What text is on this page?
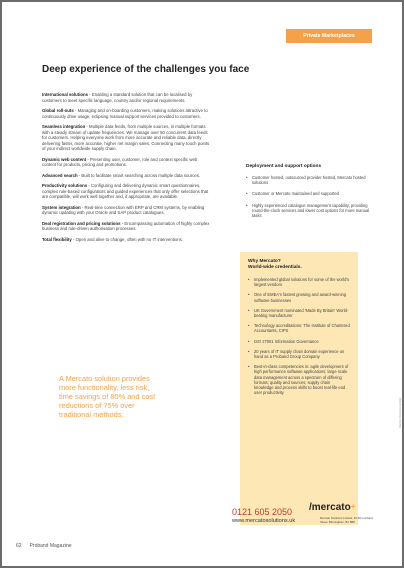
Private Marketplaces
Deep experience of the challenges you face

International solutions - Enabling a standard solution that can be localised by customers to meet specific language, country and/or regional requirements.

Global roll-outs - Managing and on-boarding customers, making solutions attractive to continuously drive usage, eclipsing manual support services provided to customers.

Seamless integration - Multiple data feeds, from multiple sources, in multiple formats with a steady stream of update frequencies. We manage over 50 concurrent data feeds for customers. Helping everyone work from more accurate and reliable data, directly delivering faster, more accurate, higher net margin sales. Connecting many touch points of your indirect worldwide supply chain.

Dynamic web content - Presenting user, customer, role and context specific web content for products, pricing and promotions.

Advanced search - Built to facilitate smart searching across multiple data sources.

Productivity solutions - Configuring and delivering dynamic smart questionnaires, complex rule-based configurators and guided experiences that only offer selections that are compatible, will work well together and, if appropriate, are available.

System integration - Real-time connection with ERP and CRM systems, by enabling dynamic updating with your Oracle and SAP product catalogues.

Deal registration and pricing solutions - Encompassing automation of highly complex business and rule-driven authorisation processes.

Total flexibility - Open and alive to change, often with no IT interventions.

A Mercato solution provides more functionality, less risk, time savings of 80% and cost reductions of 75% over traditional methods.
Deployment and support options
•	Customer hosted, outsourced provider hosted, Mercato hosted solutions
•	Customer or Mercato maintained and supported
•	Highly experienced catalogue management capability, providing round-the-clock services and lower cost options for more manual tasks
Why Mercato?
World-wide credentials.
•	Implemented global solutions for some of the world's largest vendors
•	One of EMEA's fastest growing and award-winning software businesses
•	UK Government nominated 'Made By Britain' World-beating manufacturer
•	Technology accreditations: The Institute of Chartered Accountants, CIPS
•	ISO 27001 Information Governance
•	20 years of IT supply chain domain experience on hand as a Proband Group Company
•	Best-in-class competencies in: agile development of high performance software applications; large scale data management across a spectrum of differing formats; quality and sources; supply chain knowledge and process skills to boost real-life end user productivity
Mercato Solutions Limited
0121 605 2050
www.mercatosolutions.uk
/mercato+
Mercato Solutions Limited, 40-50 Lombard Street, Birmingham, B1 5BP
62 Proband Magazine
